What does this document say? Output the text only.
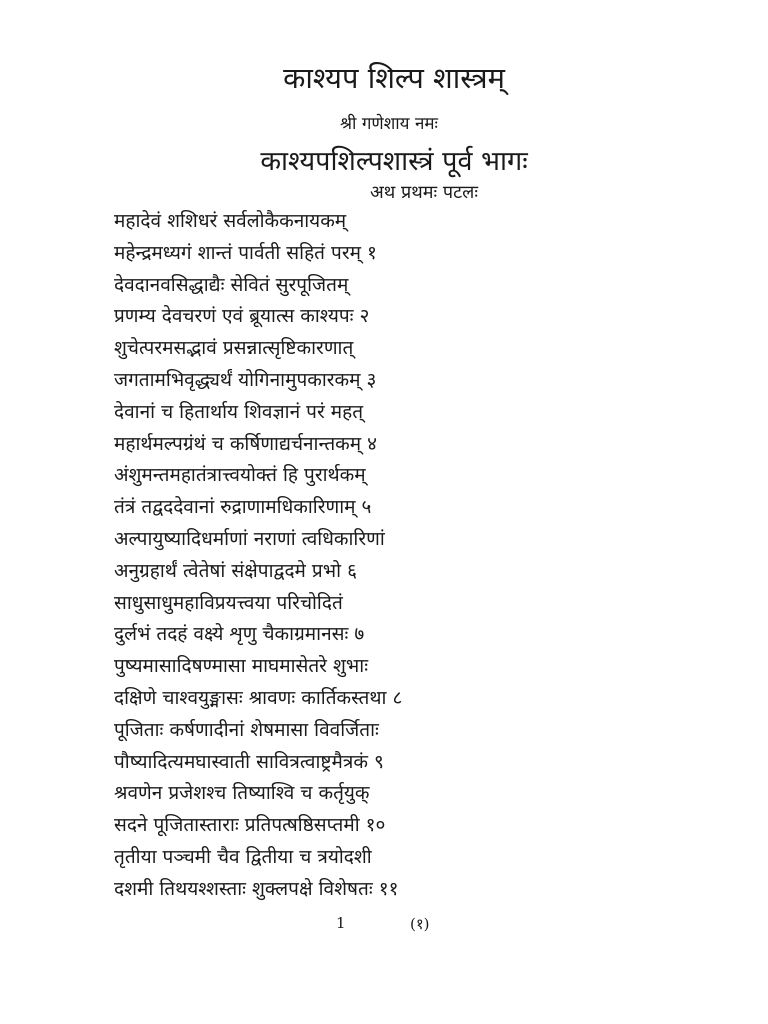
काश्यप शिल्प शास्त्रम्
श्री गणेशाय नमः
काश्यपशिल्पशास्त्रं पूर्व भागः
अथ प्रथमः पटलः
महादेवं शशिधरं सर्वलोकैकनायकम्
महेन्द्रमध्यगं शान्तं पार्वती सहितं परम् १
देवदानवसिद्धाद्यैः सेवितं सुरपूजितम्
प्रणम्य देवचरणं एवं ब्रूयात्स काश्यपः २
शुचेत्परमसद्भावं प्रसन्नात्सृष्टिकारणात्
जगतामभिवृद्ध्यर्थं योगिनामुपकारकम् ३
देवानां च हितार्थाय शिवज्ञानं परं महत्
महार्थमल्पग्रंथं च कर्षिणाद्यर्चनान्तकम् ४
अंशुमन्तमहातंत्रात्त्वयोक्तं हि पुरार्थकम्
तंत्रं तद्वददेवानां रुद्राणामधिकारिणाम् ५
अल्पायुष्यादिधर्माणां नराणां त्वधिकारिणां
अनुग्रहार्थं त्वेतेषां संक्षेपाद्वदमे प्रभो ६
साधुसाधुमहाविप्रयत्त्वया परिचोदितं
दुर्लभं तदहं वक्ष्ये शृणु चैकाग्रमानसः ७
पुष्यमासादिषण्मासा माघमासेतरे शुभाः
दक्षिणे चाश्वयुङ्मासः श्रावणः कार्तिकस्तथा ८
पूजिताः कर्षणादीनां शेषमासा विवर्जिताः
पौष्यादित्यमघास्वाती सावित्रत्वाष्ट्रमैत्रकं ९
श्रवणेन प्रजेशश्च तिष्याश्वि च कर्तृयुक्
सदने पूजितास्ताराः प्रतिपत्षष्ठिसप्तमी १०
तृतीया पञ्चमी चैव द्वितीया च त्रयोदशी
दशमी तिथयश्शस्ताः शुक्लपक्षे विशेषतः ११
1	(१)
